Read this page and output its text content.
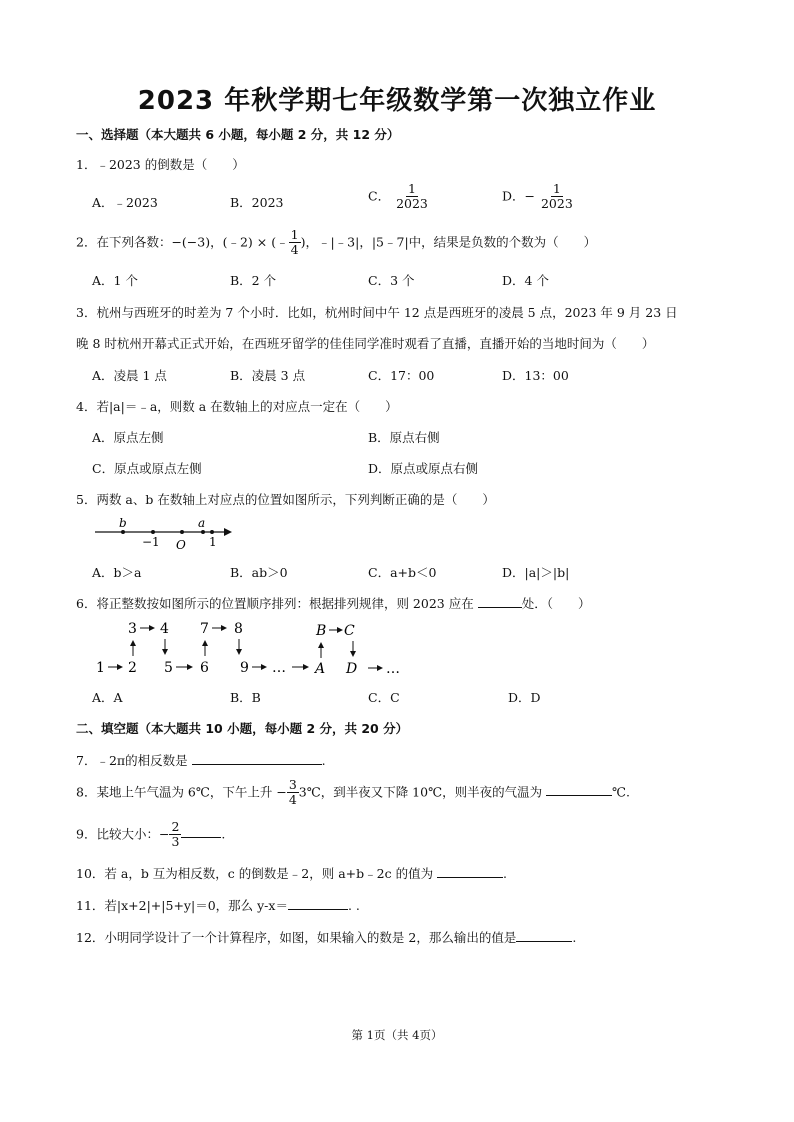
2023 年秋学期七年级数学第一次独立作业
一、选择题（本大题共 6 小题，每小题 2 分，共 12 分）
1．﹣2023 的倒数是（　　）
A．﹣2023	B．2023	C． $\frac{1}{2023}$	D．− $\frac{1}{2023}$
2．在下列各数：−(−3)，(﹣2) × (﹣ $\frac{1}{4}$ )，﹣|﹣3|，|5﹣7|中，结果是负数的个数为（　　）
A．1 个	B．2 个	C．3 个	D．4 个
3．杭州与西班牙的时差为 7 个小时．比如，杭州时间中午 12 点是西班牙的凌晨 5 点，2023 年 9 月 23 日
晚 8 时杭州开幕式正式开始，在西班牙留学的佳佳同学准时观看了直播，直播开始的当地时间为（　　）
A．凌晨 1 点	B．凌晨 3 点	C．17：00	D．13：00
4．若|a|＝﹣a，则数 a 在数轴上的对应点一定在（　　）
A．原点左侧	B．原点右侧
C．原点或原点左侧	D．原点或原点右侧
5．两数 a、b 在数轴上对应点的位置如图所示，下列判断正确的是（　　）
b
−1 O
a
1
A．b＞a	B．ab＞0	C．a+b＜0	D．|a|＞|b|
6．将正整数按如图所示的位置顺序排列：根据排列规律，则 2023 应在	处．（　　）
3 4 7 8	B C
1 2 5 6 9 … A D …
A．A	B．B	C．C	D．D
二、填空题（本大题共 10 小题，每小题 2 分，共 20 分）
7．﹣2π的相反数是	.
8．某地上午气温为 6℃，下午上升 − $\frac{3}{4}$ 3℃，到半夜又下降 10℃，则半夜的气温为	℃.
9．比较大小：− $\frac{2}{3}$	.
10．若 a，b 互为相反数，c 的倒数是﹣2，则 a+b﹣2c 的值为	.
11．若|x+2|+|5+y|＝0，那么 y-x＝	. .
12．小明同学设计了一个计算程序，如图，如果输入的数是 2，那么输出的值是	.
第 1页（共 4页）
